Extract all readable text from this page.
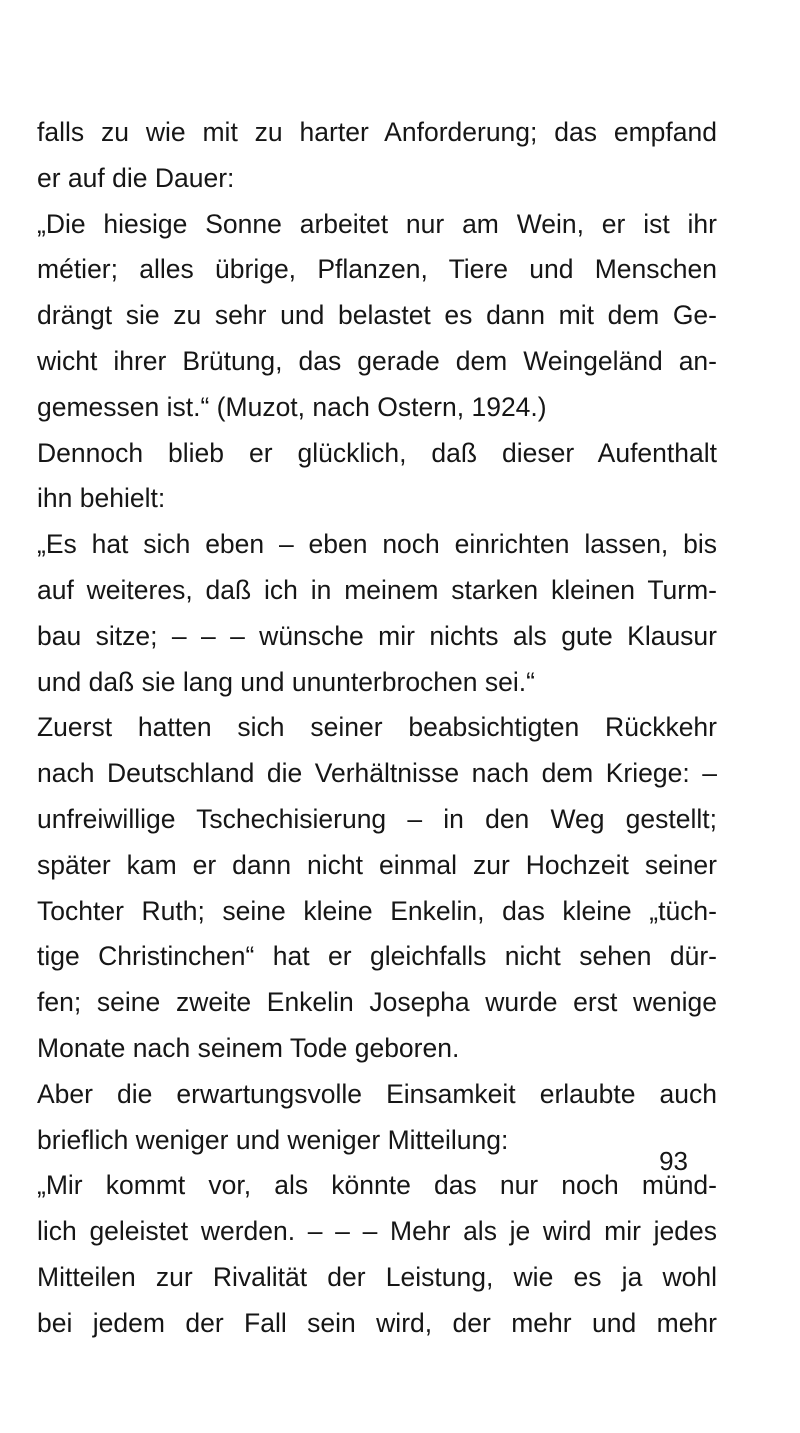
falls zu wie mit zu harter Anforderung; das empfand
er auf die Dauer:
„Die hiesige Sonne arbeitet nur am Wein, er ist ihr
métier; alles übrige, Pflanzen, Tiere und Menschen
drängt sie zu sehr und belastet es dann mit dem Ge-
wicht ihrer Brütung, das gerade dem Weingeländ an-
gemessen ist.“ (Muzot, nach Ostern, 1924.)
Dennoch blieb er glücklich, daß dieser Aufenthalt
ihn behielt:
„Es hat sich eben – eben noch einrichten lassen, bis
auf weiteres, daß ich in meinem starken kleinen Turm-
bau sitze; – – – wünsche mir nichts als gute Klausur
und daß sie lang und ununterbrochen sei.“
Zuerst hatten sich seiner beabsichtigten Rückkehr
nach Deutschland die Verhältnisse nach dem Kriege: –
unfreiwillige Tschechisierung – in den Weg gestellt;
später kam er dann nicht einmal zur Hochzeit seiner
Tochter Ruth; seine kleine Enkelin, das kleine „tüch-
tige Christinchen“ hat er gleichfalls nicht sehen dür-
fen; seine zweite Enkelin Josepha wurde erst wenige
Monate nach seinem Tode geboren.
Aber die erwartungsvolle Einsamkeit erlaubte auch
brieflich weniger und weniger Mitteilung:
„Mir kommt vor, als könnte das nur noch münd-
lich geleistet werden. – – – Mehr als je wird mir jedes
Mitteilen zur Rivalität der Leistung, wie es ja wohl
bei jedem der Fall sein wird, der mehr und mehr
93
